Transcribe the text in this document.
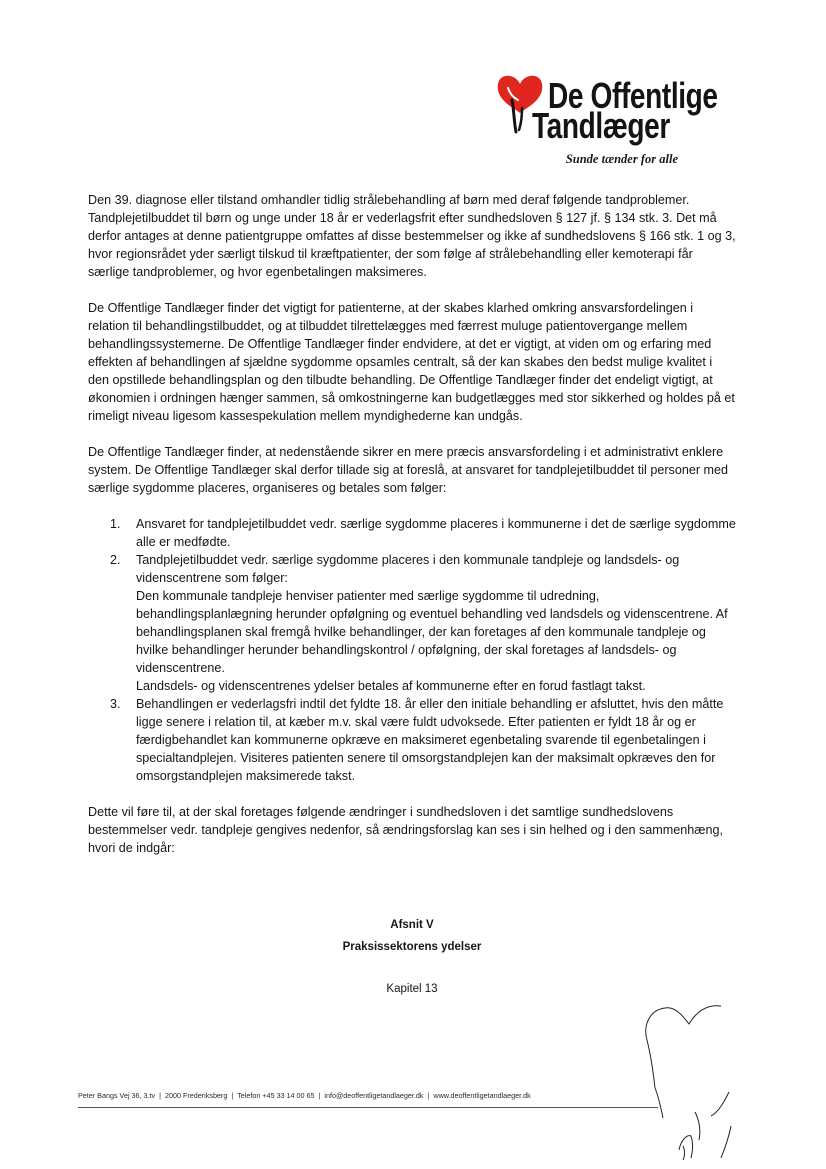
De Offentlige
Tandlæger
Sunde tænder for alle

Den 39. diagnose eller tilstand omhandler tidlig strålebehandling af børn med deraf følgende tandproblemer. Tandplejetilbuddet til børn og unge under 18 år er vederlagsfrit efter sundhedsloven § 127 jf. § 134 stk. 3. Det må derfor antages at denne patientgruppe omfattes af disse bestemmelser og ikke af sundhedslovens § 166 stk. 1 og 3, hvor regionsrådet yder særligt tilskud til kræftpatienter, der som følge af strålebehandling eller kemoterapi får særlige tandproblemer, og hvor egenbetalingen maksimeres.

De Offentlige Tandlæger finder det vigtigt for patienterne, at der skabes klarhed omkring ansvarsfordelingen i relation til behandlingstilbuddet, og at tilbuddet tilrettelægges med færrest muluge patientovergange mellem behandlingssystemerne. De Offentlige Tandlæger finder endvidere, at det er vigtigt, at viden om og erfaring med effekten af behandlingen af sjældne sygdomme opsamles centralt, så der kan skabes den bedst mulige kvalitet i den opstillede behandlingsplan og den tilbudte behandling. De Offentlige Tandlæger finder det endeligt vigtigt, at økonomien i ordningen hænger sammen, så omkostningerne kan budgetlægges med stor sikkerhed og holdes på et rimeligt niveau ligesom kassespekulation mellem myndighederne kan undgås.

De Offentlige Tandlæger finder, at nedenstående sikrer en mere præcis ansvarsfordeling i et administrativt enklere system. De Offentlige Tandlæger skal derfor tillade sig at foreslå, at ansvaret for tandplejetilbuddet til personer med særlige sygdomme placeres, organiseres og betales som følger:

1. Ansvaret for tandplejetilbuddet vedr. særlige sygdomme placeres i kommunerne i det de særlige sygdomme alle er medfødte.
2. Tandplejetilbuddet vedr. særlige sygdomme placeres i den kommunale tandpleje og landsdels- og videnscentrene som følger:
Den kommunale tandpleje henviser patienter med særlige sygdomme til udredning, behandlingsplanlægning herunder opfølgning og eventuel behandling ved landsdels og videnscentrene. Af behandlingsplanen skal fremgå hvilke behandlinger, der kan foretages af den kommunale tandpleje og hvilke behandlinger herunder behandlingskontrol / opfølgning, der skal foretages af landsdels- og videnscentrene.
Landsdels- og videnscentrenes ydelser betales af kommunerne efter en forud fastlagt takst.
3. Behandlingen er vederlagsfri indtil det fyldte 18. år eller den initiale behandling er afsluttet, hvis den måtte ligge senere i relation til, at kæber m.v. skal være fuldt udvoksede. Efter patienten er fyldt 18 år og er færdigbehandlet kan kommunerne opkræve en maksimeret egenbetaling svarende til egenbetalingen i specialtandplejen. Visiteres patienten senere til omsorgstandplejen kan der maksimalt opkræves den for omsorgstandplejen maksimerede takst.

Dette vil føre til, at der skal foretages følgende ændringer i sundhedsloven i det samtlige sundhedslovens bestemmelser vedr. tandpleje gengives nedenfor, så ændringsforslag kan ses i sin helhed og i den sammenhæng, hvori de indgår:

Afsnit V
Praksissektorens ydelser
Kapitel 13
Peter Bangs Vej 36, 3.tv | 2000 Frederiksberg | Telefon +45 33 14 00 65 | info@deoffentligetandlaeger.dk | www.deoffentligetandlaeger.dk
